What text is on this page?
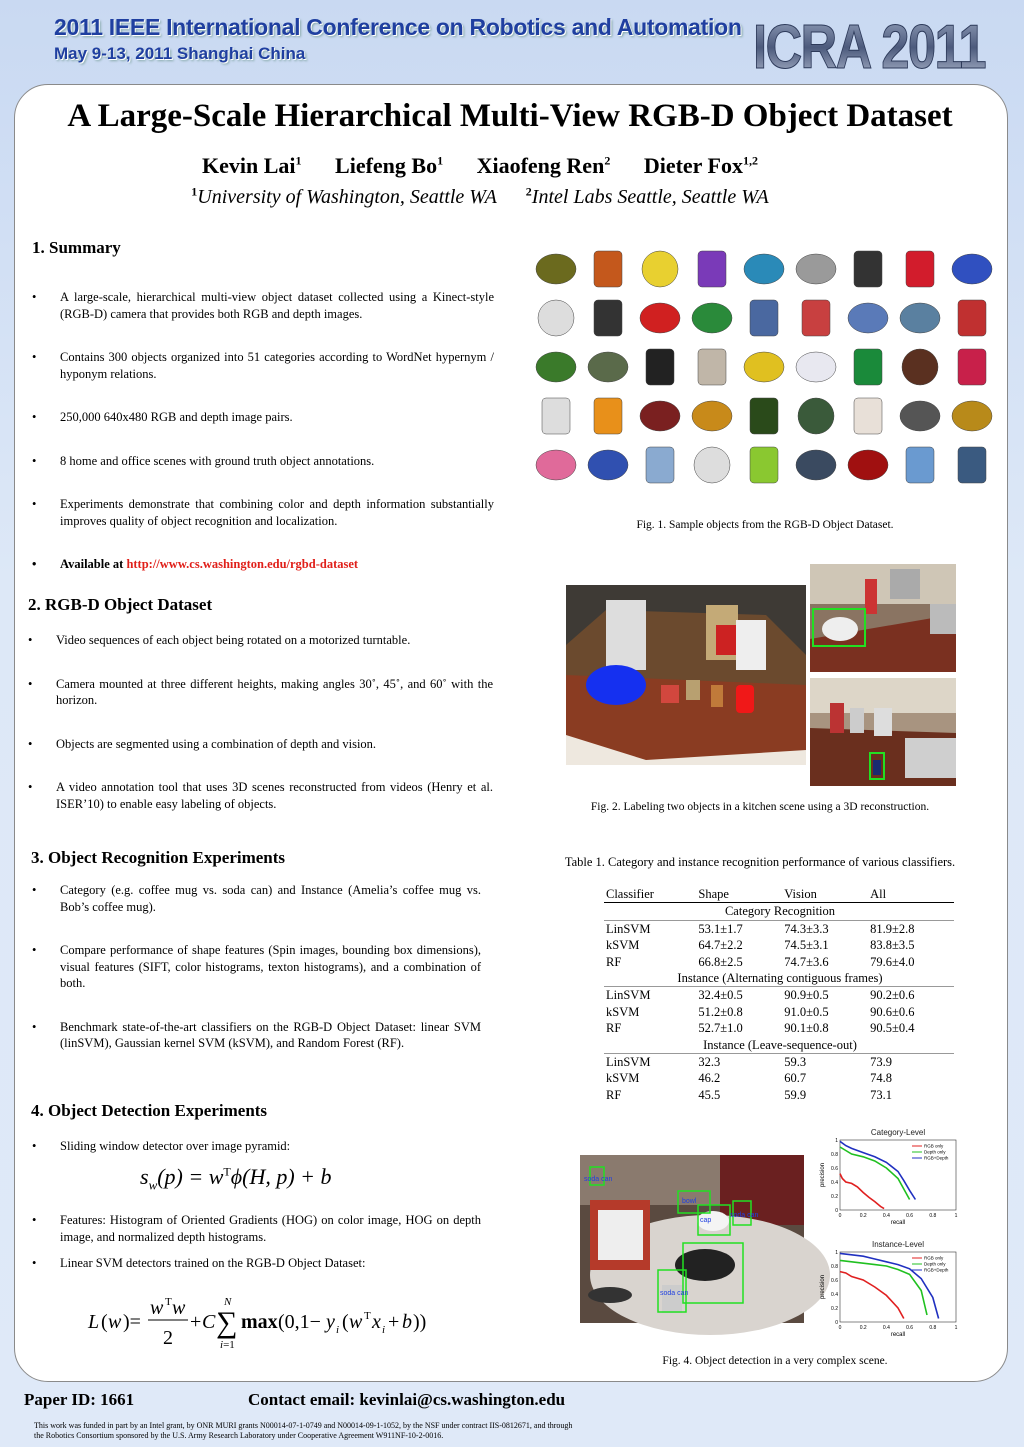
2011 IEEE International Conference on Robotics and Automation
May 9-13, 2011 Shanghai China	ICRA 2011
A Large-Scale Hierarchical Multi-View RGB-D Object Dataset
Kevin Lai$^1$ Liefeng Bo$^1$ Xiaofeng Ren$^2$ Dieter Fox$^{1,2}$
$^1$University of Washington, Seattle WA $^2$Intel Labs Seattle, Seattle WA
1. Summary
• A large-scale, hierarchical multi-view object dataset collected using a Kinect-style (RGB-D) camera that provides both RGB and depth images.
• Contains 300 objects organized into 51 categories according to WordNet hypernym / hyponym relations.
• 250,000 640x480 RGB and depth image pairs.
• 8 home and office scenes with ground truth object annotations.
• Experiments demonstrate that combining color and depth information substantially improves quality of object recognition and localization.
• Available at http://www.cs.washington.edu/rgbd-dataset
2. RGB-D Object Dataset
• Video sequences of each object being rotated on a motorized turntable.
• Camera mounted at three different heights, making angles 30˚, 45˚, and 60˚ with the horizon.
• Objects are segmented using a combination of depth and vision.
• A video annotation tool that uses 3D scenes reconstructed from videos (Henry et al. ISER’10) to enable easy labeling of objects.
3. Object Recognition Experiments
• Category (e.g. coffee mug vs. soda can) and Instance (Amelia’s coffee mug vs. Bob’s coffee mug).
• Compare performance of shape features (Spin images, bounding box dimensions), visual features (SIFT, color histograms, texton histograms), and a combination of both.
• Benchmark state-of-the-art classifiers on the RGB-D Object Dataset: linear SVM (linSVM), Gaussian kernel SVM (kSVM), and Random Forest (RF).
4. Object Detection Experiments
• Sliding window detector over image pyramid:
$s_w(p) = w^T\phi(H$, p) + b
• Features: Histogram of Oriented Gradients (HOG) on color image, HOG on depth image, and normalized depth histograms.
• Linear SVM detectors trained on the RGB-D Object Dataset:
L ( w )=
w T w
2
+ C ∑
N
i=1
max (0,1− y i ( w T x i + b ))
Fig. 1. Sample objects from the RGB-D Object Dataset.
Fig. 2. Labeling two objects in a kitchen scene using a 3D reconstruction.
Table 1. Category and instance recognition performance of various classifiers.
Classifier	Shape	Vision	All
Category Recognition			
LinSVM	53.1±1.7	74.3±3.3	81.9±2.8
kSVM	64.7±2.2	74.5±3.1	83.8±3.5
RF	66.8±2.5	74.7±3.6	79.6±4.0
Instance (Alternating contiguous frames)			
LinSVM	32.4±0.5	90.9±0.5	90.2±0.6
kSVM	51.2±0.8	91.0±0.5	90.6±0.6
RF	52.7±1.0	90.1±0.8	90.5±0.4
Instance (Leave-sequence-out)			
LinSVM	32.3	59.3	73.9
kSVM	46.2	60.7	74.8
RF	45.5	59.9	73.1
soda can
bowl
cap
soda can
soda can
Category-Level
0	0.2	0.4	0.6	0.8	1
0
0.2
0.4
0.6
0.8
1
recall
precision
RGB only
Depth only
RGB+Depth
Instance-Level
0	0.2	0.4	0.6	0.8	1
0
0.2
0.4
0.6
0.8
1
recall
precision
RGB only
Depth only
RGB+Depth
Fig. 4. Object detection in a very complex scene.
Paper ID: 1661	Contact email: kevinlai@cs.washington.edu
This work was funded in part by an Intel grant, by ONR MURI grants N00014-07-1-0749 and N00014-09-1-1052, by the NSF under contract IIS-0812671, and through the Robotics Consortium sponsored by the U.S. Army Research Laboratory under Cooperative Agreement W911NF-10-2-0016.
